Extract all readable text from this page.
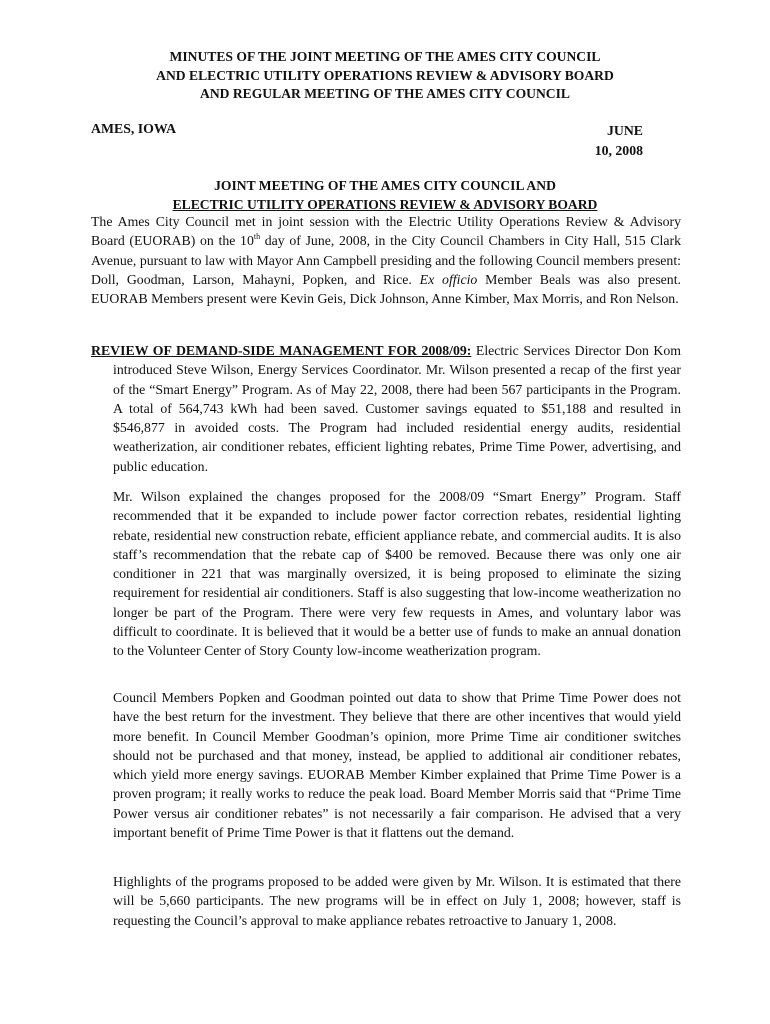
MINUTES OF THE JOINT MEETING OF THE AMES CITY COUNCIL
AND ELECTRIC UTILITY OPERATIONS REVIEW & ADVISORY BOARD
AND REGULAR MEETING OF THE AMES CITY COUNCIL
AMES, IOWA	JUNE
10, 2008
JOINT MEETING OF THE AMES CITY COUNCIL AND
ELECTRIC UTILITY OPERATIONS REVIEW & ADVISORY BOARD
The Ames City Council met in joint session with the Electric Utility Operations Review & Advisory Board (EUORAB) on the 10th day of June, 2008, in the City Council Chambers in City Hall, 515 Clark Avenue, pursuant to law with Mayor Ann Campbell presiding and the following Council members present: Doll, Goodman, Larson, Mahayni, Popken, and Rice. Ex officio Member Beals was also present. EUORAB Members present were Kevin Geis, Dick Johnson, Anne Kimber, Max Morris, and Ron Nelson.
REVIEW OF DEMAND-SIDE MANAGEMENT FOR 2008/09: Electric Services Director Don Kom introduced Steve Wilson, Energy Services Coordinator. Mr. Wilson presented a recap of the first year of the “Smart Energy” Program. As of May 22, 2008, there had been 567 participants in the Program. A total of 564,743 kWh had been saved. Customer savings equated to $51,188 and resulted in $546,877 in avoided costs. The Program had included residential energy audits, residential weatherization, air conditioner rebates, efficient lighting rebates, Prime Time Power, advertising, and public education.
Mr. Wilson explained the changes proposed for the 2008/09 “Smart Energy” Program. Staff recommended that it be expanded to include power factor correction rebates, residential lighting rebate, residential new construction rebate, efficient appliance rebate, and commercial audits. It is also staff’s recommendation that the rebate cap of $400 be removed. Because there was only one air conditioner in 221 that was marginally oversized, it is being proposed to eliminate the sizing requirement for residential air conditioners. Staff is also suggesting that low-income weatherization no longer be part of the Program. There were very few requests in Ames, and voluntary labor was difficult to coordinate. It is believed that it would be a better use of funds to make an annual donation to the Volunteer Center of Story County low-income weatherization program.
Council Members Popken and Goodman pointed out data to show that Prime Time Power does not have the best return for the investment. They believe that there are other incentives that would yield more benefit. In Council Member Goodman’s opinion, more Prime Time air conditioner switches should not be purchased and that money, instead, be applied to additional air conditioner rebates, which yield more energy savings. EUORAB Member Kimber explained that Prime Time Power is a proven program; it really works to reduce the peak load. Board Member Morris said that “Prime Time Power versus air conditioner rebates” is not necessarily a fair comparison. He advised that a very important benefit of Prime Time Power is that it flattens out the demand.
Highlights of the programs proposed to be added were given by Mr. Wilson. It is estimated that there will be 5,660 participants. The new programs will be in effect on July 1, 2008; however, staff is requesting the Council’s approval to make appliance rebates retroactive to January 1, 2008.
